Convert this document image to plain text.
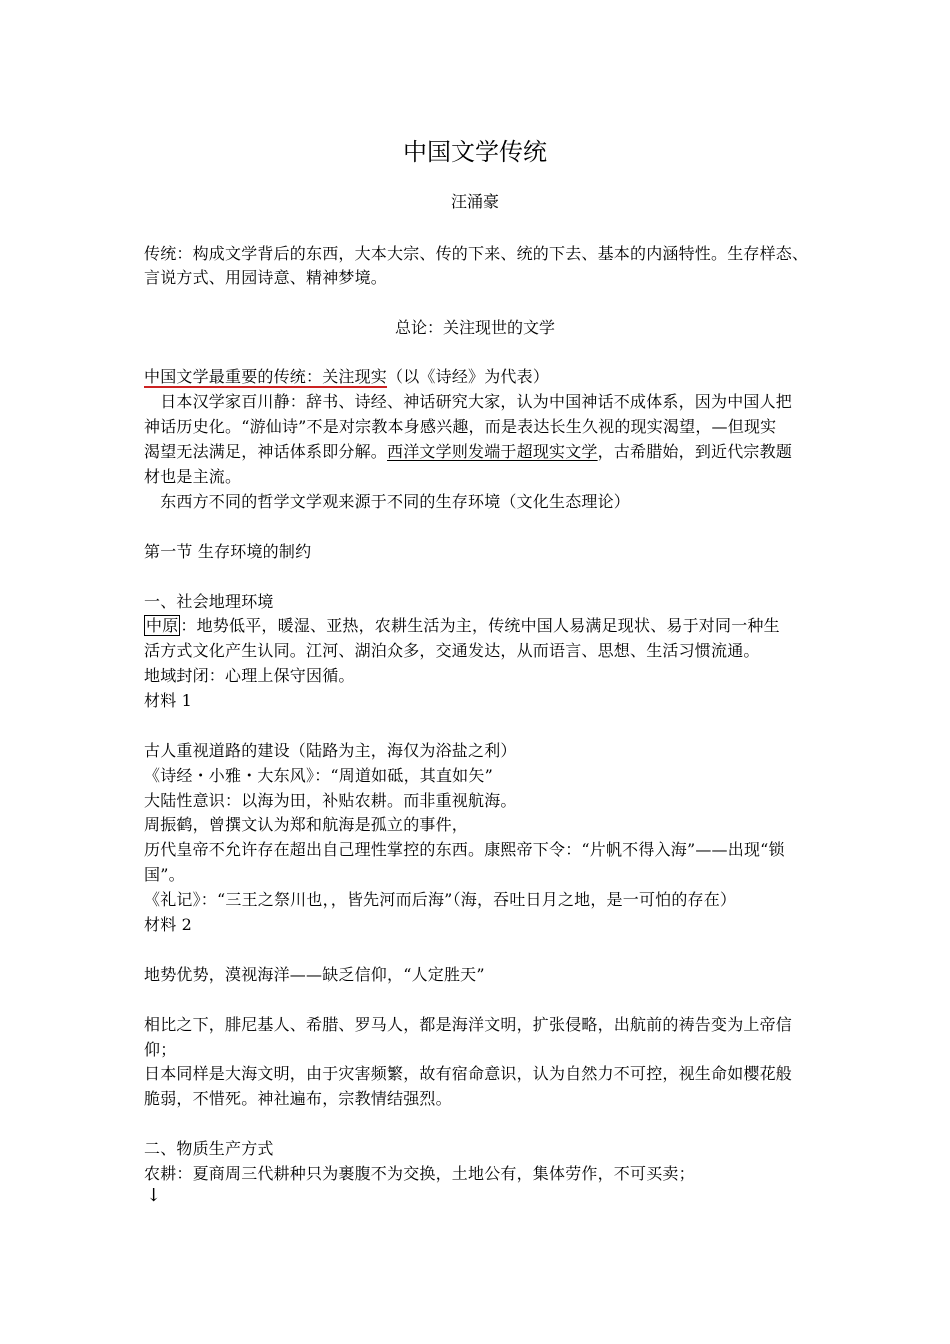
中国文学传统
汪涌豪
传统：构成文学背后的东西，大本大宗、传的下来、统的下去、基本的内涵特性。生存样态、
言说方式、用园诗意、精神梦境。
总论：关注现世的文学
中国文学最重要的传统：关注现实（以《诗经》为代表）
　日本汉学家百川静：辞书、诗经、神话研究大家，认为中国神话不成体系，因为中国人把
神话历史化。“游仙诗”不是对宗教本身感兴趣，而是表达长生久视的现实渴望，—但现实
渴望无法满足，神话体系即分解。西洋文学则发端于超现实文学，古希腊始，到近代宗教题
材也是主流。
　东西方不同的哲学文学观来源于不同的生存环境（文化生态理论）
第一节 生存环境的制约
一、社会地理环境
中原 ：地势低平，暖湿、亚热，农耕生活为主，传统中国人易满足现状、易于对同一种生
活方式文化产生认同。江河、湖泊众多，交通发达，从而语言、思想、生活习惯流通。
地域封闭：心理上保守因循。
材料 1
古人重视道路的建设（陆路为主，海仅为浴盐之利）
《诗经・小雅・大东风》：“周道如砥，其直如矢”
大陆性意识：以海为田，补贴农耕。而非重视航海。
周振鹤，曾撰文认为郑和航海是孤立的事件，
历代皇帝不允许存在超出自己理性掌控的东西。康熙帝下令：“片帆不得入海”——出现“锁
国”。
《礼记》：“三王之祭川也，，皆先河而后海”（海，吞吐日月之地，是一可怕的存在）
材料 2
地势优势，漠视海洋——缺乏信仰，“人定胜天”
相比之下，腓尼基人、希腊、罗马人，都是海洋文明，扩张侵略，出航前的祷告变为上帝信
仰；
日本同样是大海文明，由于灾害频繁，故有宿命意识，认为自然力不可控，视生命如樱花般
脆弱，不惜死。神社遍布，宗教情结强烈。
二、物质生产方式
农耕：夏商周三代耕种只为裹腹不为交换，土地公有，集体劳作，不可买卖；
↓
